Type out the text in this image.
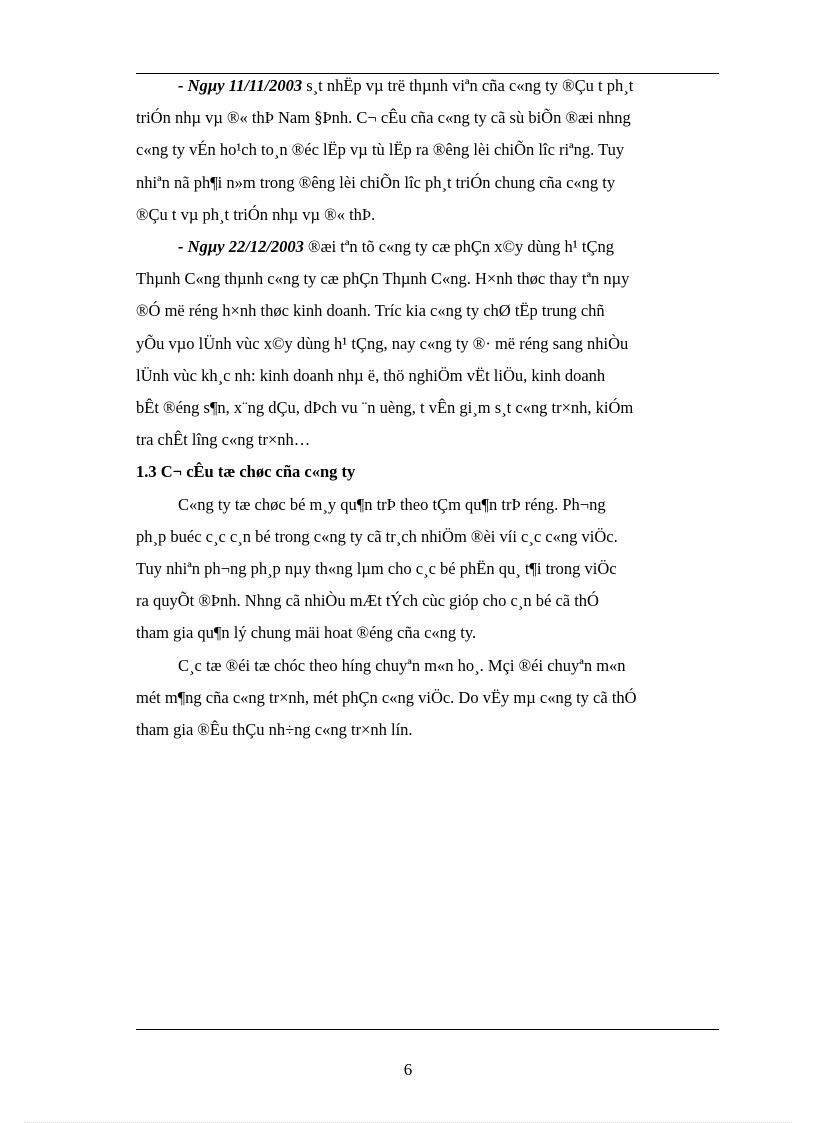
- Ngµy 11/11/2003 s¸t nhËp vµ trë thµnh viªn cña c«ng ty ®Çu t ph¸t
triÓn nhµ vµ ®« thÞ Nam §Þnh. C¬ cÊu cña c«ng ty cã sù biÕn ®æi nhng
c«ng ty vÉn ho¹ch to¸n ®éc lËp vµ tù lËp ra ®êng lèi chiÕn lîc riªng. Tuy
nhiªn nã ph¶i n»m trong ®êng lèi chiÕn lîc ph¸t triÓn chung cña c«ng ty
®Çu t vµ ph¸t triÓn nhµ vµ ®« thÞ.
- Ngµy 22/12/2003 ®æi tªn tõ c«ng ty cæ phÇn x©y dùng h¹ tÇng
Thµnh C«ng thµnh c«ng ty cæ phÇn Thµnh C«ng. H×nh thøc thay tªn nµy
®Ó më réng h×nh thøc kinh doanh. Tríc kia c«ng ty chØ tËp trung chñ
yÕu vµo lÜnh vùc x©y dùng h¹ tÇng, nay c«ng ty ®· më réng sang nhiÒu
lÜnh vùc kh¸c nh: kinh doanh nhµ ë, thö nghiÖm vËt liÖu, kinh doanh
bÊt ®éng s¶n, x¨ng dÇu, dÞch vu ¨n uèng, t vÊn gi¸m s¸t c«ng tr×nh, kiÓm
tra chÊt lîng c«ng tr×nh…
1.3 C¬ cÊu tæ chøc cña c«ng ty
C«ng ty tæ chøc bé m¸y qu¶n trÞ theo tÇm qu¶n trÞ réng. Ph¬ng
ph¸p buéc c¸c c¸n bé trong c«ng ty cã tr¸ch nhiÖm ®èi víi c¸c c«ng viÖc.
Tuy nhiªn ph¬ng ph¸p nµy th«ng lµm cho c¸c bé phËn qu¸ t¶i trong viÖc
ra quyÕt ®Þnh. Nhng cã nhiÒu mÆt tÝch cùc gióp cho c¸n bé cã thÓ
tham gia qu¶n lý chung mäi hoat ®éng cña c«ng ty.
C¸c tæ ®éi tæ chóc theo híng chuyªn m«n ho¸. Mçi ®éi chuyªn m«n
mét m¶ng cña c«ng tr×nh, mét phÇn c«ng viÖc. Do vËy mµ c«ng ty cã thÓ
tham gia ®Êu thÇu nh÷ng c«ng tr×nh lín.
6
